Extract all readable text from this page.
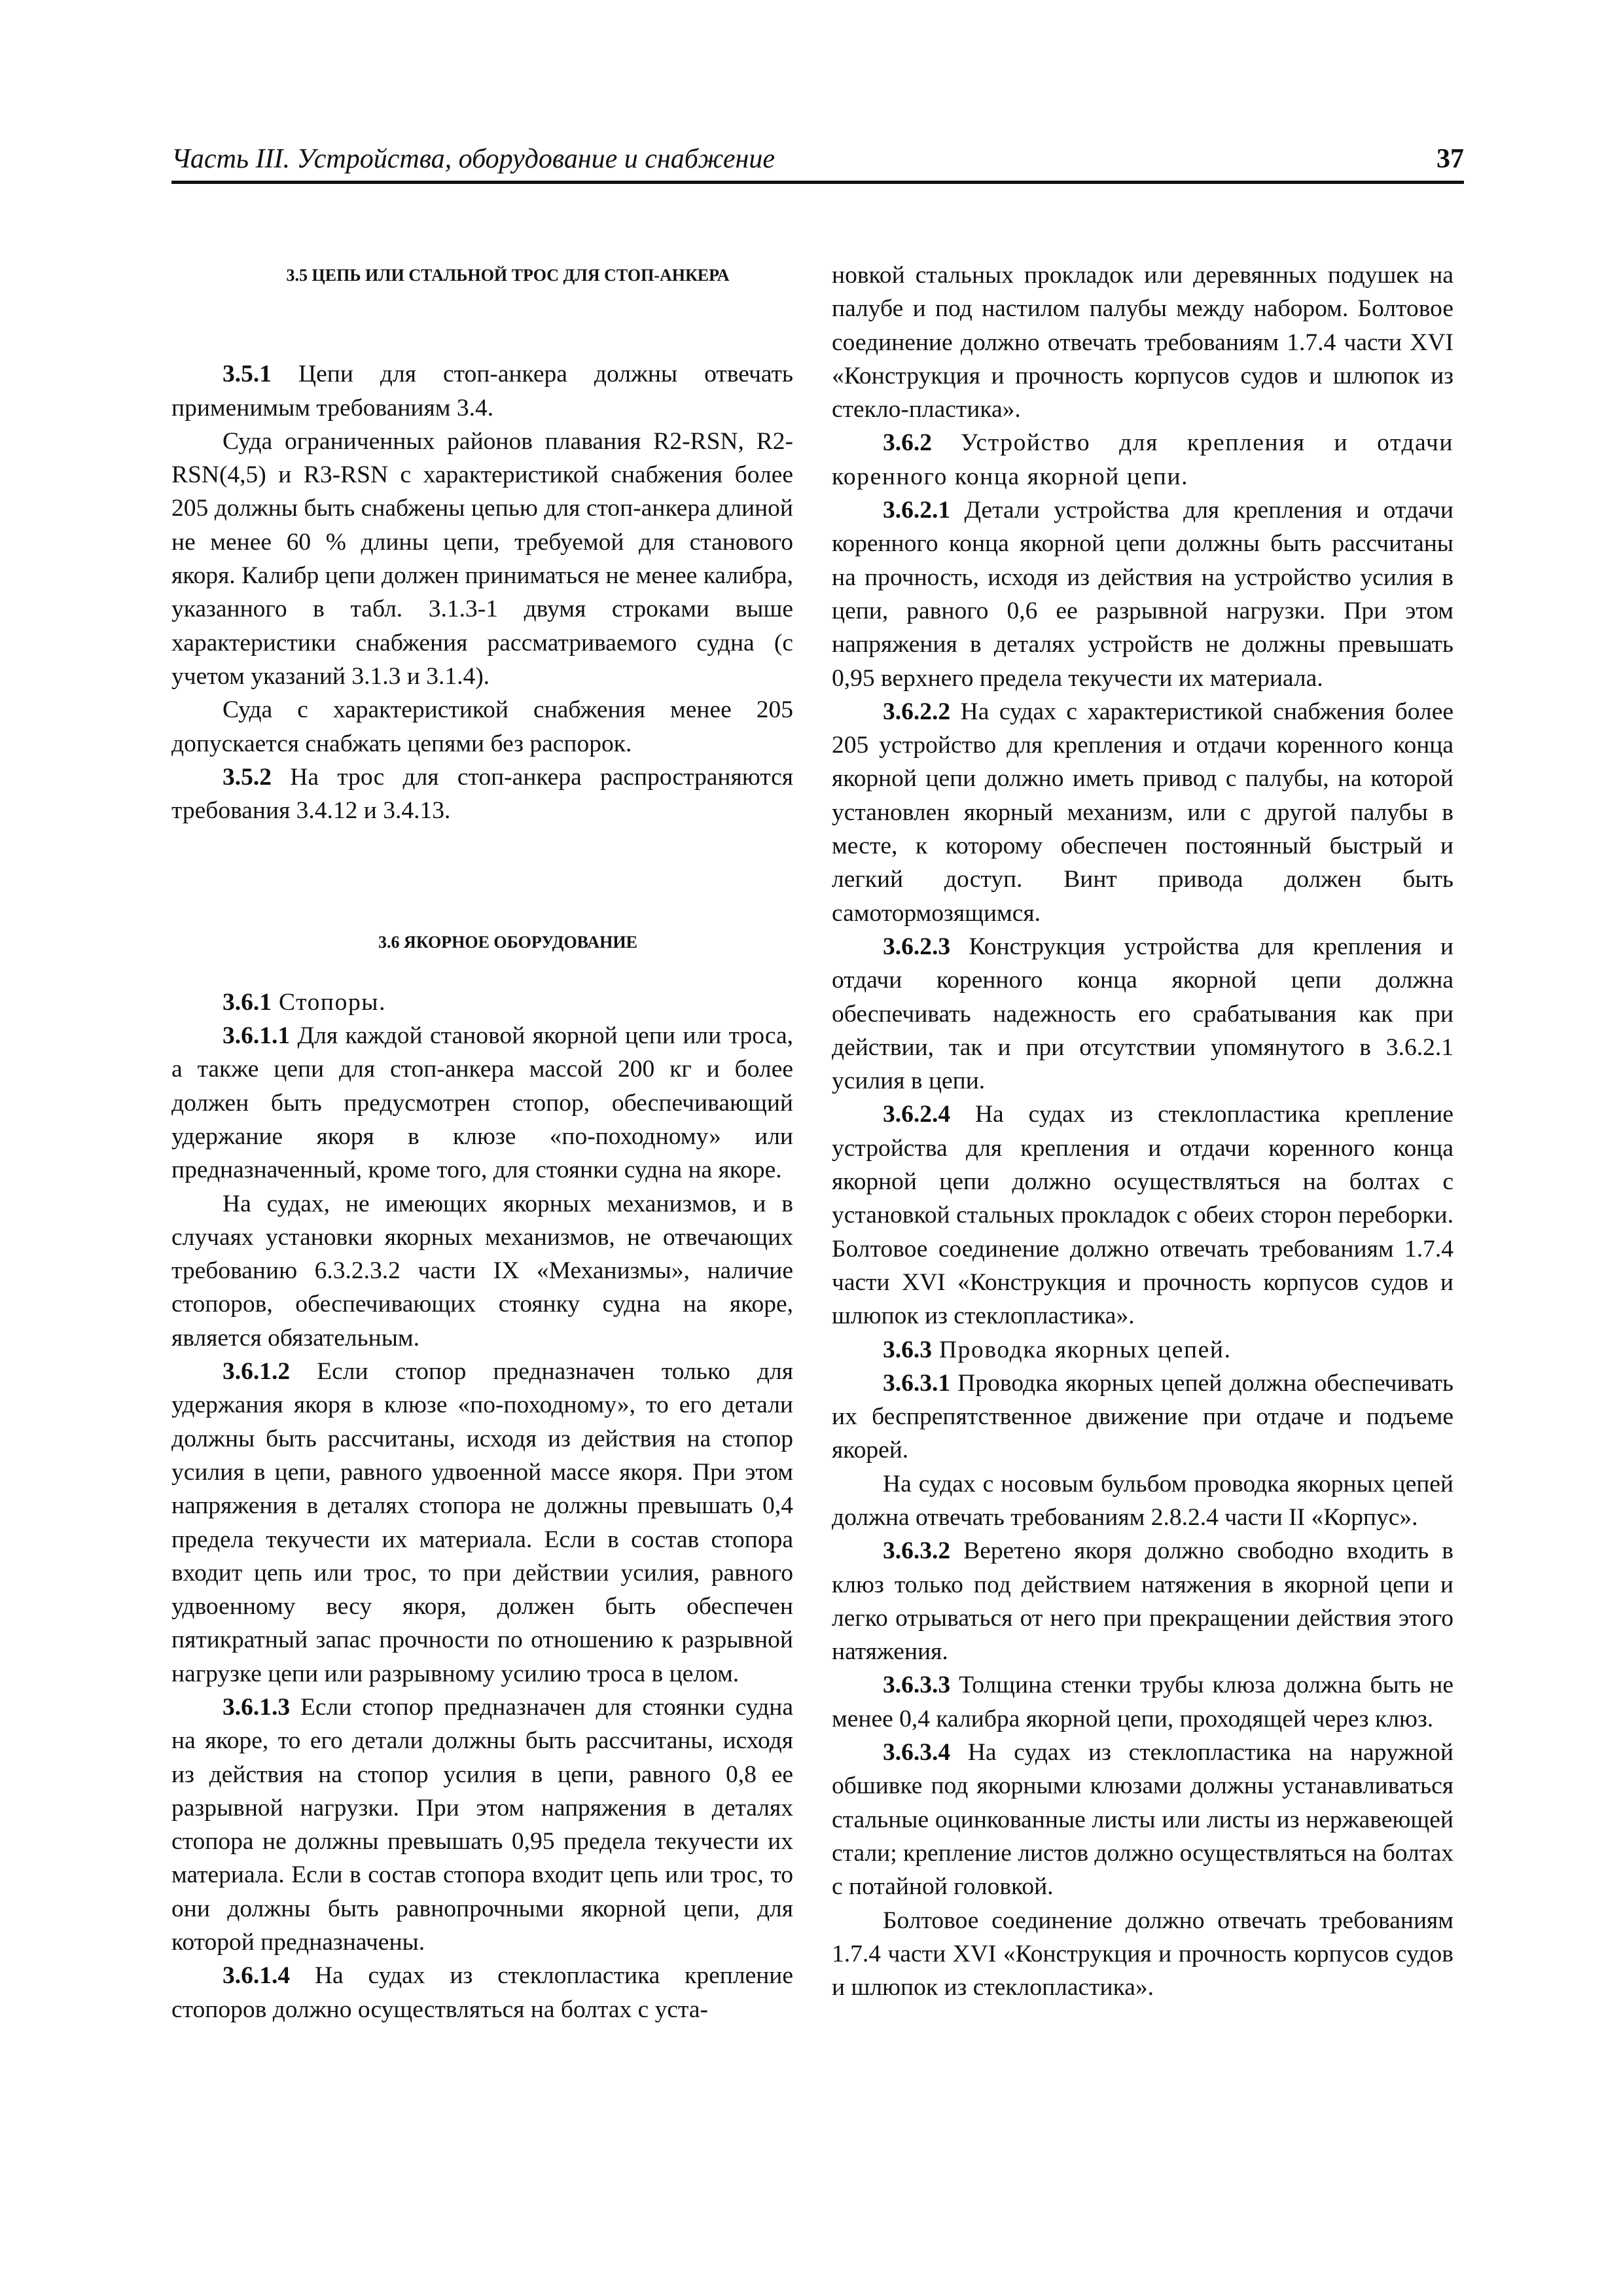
Часть III. Устройства, оборудование и снабжение	37

3.5 ЦЕПЬ ИЛИ СТАЛЬНОЙ ТРОС ДЛЯ СТОП-АНКЕРА

3.5.1 Цепи для стоп-анкера должны отвечать применимым требованиям 3.4.

Суда ограниченных районов плавания R2-RSN, R2-RSN(4,5) и R3-RSN с характеристикой снабжения более 205 должны быть снабжены цепью для стоп-анкера длиной не менее 60 % длины цепи, требуемой для станового якоря. Калибр цепи должен приниматься не менее калибра, указанного в табл. 3.1.3-1 двумя строками выше характеристики снабжения рассматриваемого судна (с учетом указаний 3.1.3 и 3.1.4).

Суда с характеристикой снабжения менее 205 допускается снабжать цепями без распорок.

3.5.2 На трос для стоп-анкера распространяются требования 3.4.12 и 3.4.13.

3.6 ЯКОРНОЕ ОБОРУДОВАНИЕ

3.6.1 Стопоры.

3.6.1.1 Для каждой становой якорной цепи или троса, а также цепи для стоп-анкера массой 200 кг и более должен быть предусмотрен стопор, обеспечивающий удержание якоря в клюзе «по-походному» или предназначенный, кроме того, для стоянки судна на якоре.

На судах, не имеющих якорных механизмов, и в случаях установки якорных механизмов, не отвечающих требованию 6.3.2.3.2 части IX «Механизмы», наличие стопоров, обеспечивающих стоянку судна на якоре, является обязательным.

3.6.1.2 Если стопор предназначен только для удержания якоря в клюзе «по-походному», то его детали должны быть рассчитаны, исходя из действия на стопор усилия в цепи, равного удвоенной массе якоря. При этом напряжения в деталях стопора не должны превышать 0,4 предела текучести их материала. Если в состав стопора входит цепь или трос, то при действии усилия, равного удвоенному весу якоря, должен быть обеспечен пятикратный запас прочности по отношению к разрывной нагрузке цепи или разрывному усилию троса в целом.

3.6.1.3 Если стопор предназначен для стоянки судна на якоре, то его детали должны быть рассчитаны, исходя из действия на стопор усилия в цепи, равного 0,8 ее разрывной нагрузки. При этом напряжения в деталях стопора не должны превышать 0,95 предела текучести их материала. Если в состав стопора входит цепь или трос, то они должны быть равнопрочными якорной цепи, для которой предназначены.

3.6.1.4 На судах из стеклопластика крепление стопоров должно осуществляться на болтах с уста-

новкой стальных прокладок или деревянных подушек на палубе и под настилом палубы между набором. Болтовое соединение должно отвечать требованиям 1.7.4 части XVI «Конструкция и прочность корпусов судов и шлюпок из стекло-пластика».

3.6.2 Устройство для крепления и отдачи коренного конца якорной цепи.

3.6.2.1 Детали устройства для крепления и отдачи коренного конца якорной цепи должны быть рассчитаны на прочность, исходя из действия на устройство усилия в цепи, равного 0,6 ее разрывной нагрузки. При этом напряжения в деталях устройств не должны превышать 0,95 верхнего предела текучести их материала.

3.6.2.2 На судах с характеристикой снабжения более 205 устройство для крепления и отдачи коренного конца якорной цепи должно иметь привод с палубы, на которой установлен якорный механизм, или с другой палубы в месте, к которому обеспечен постоянный быстрый и легкий доступ. Винт привода должен быть самотормозящимся.

3.6.2.3 Конструкция устройства для крепления и отдачи коренного конца якорной цепи должна обеспечивать надежность его срабатывания как при действии, так и при отсутствии упомянутого в 3.6.2.1 усилия в цепи.

3.6.2.4 На судах из стеклопластика крепление устройства для крепления и отдачи коренного конца якорной цепи должно осуществляться на болтах с установкой стальных прокладок с обеих сторон переборки. Болтовое соединение должно отвечать требованиям 1.7.4 части XVI «Конструкция и прочность корпусов судов и шлюпок из стеклопластика».

3.6.3 Проводка якорных цепей.

3.6.3.1 Проводка якорных цепей должна обеспечивать их беспрепятственное движение при отдаче и подъеме якорей.

На судах с носовым бульбом проводка якорных цепей должна отвечать требованиям 2.8.2.4 части II «Корпус».

3.6.3.2 Веретено якоря должно свободно входить в клюз только под действием натяжения в якорной цепи и легко отрываться от него при прекращении действия этого натяжения.

3.6.3.3 Толщина стенки трубы клюза должна быть не менее 0,4 калибра якорной цепи, проходящей через клюз.

3.6.3.4 На судах из стеклопластика на наружной обшивке под якорными клюзами должны устанавливаться стальные оцинкованные листы или листы из нержавеющей стали; крепление листов должно осуществляться на болтах с потайной головкой.

Болтовое соединение должно отвечать требованиям 1.7.4 части XVI «Конструкция и прочность корпусов судов и шлюпок из стеклопластика».
